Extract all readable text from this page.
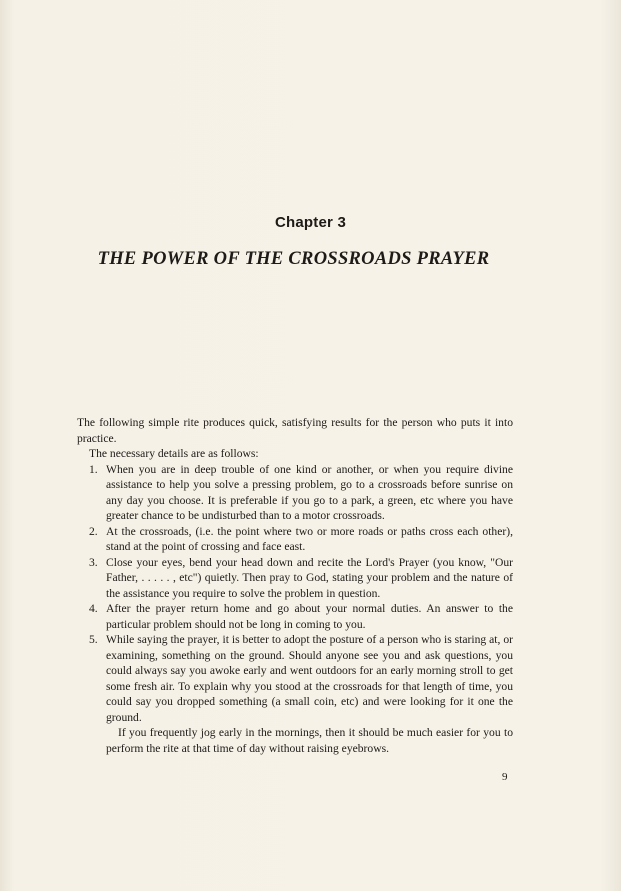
Chapter 3
THE POWER OF THE CROSSROADS PRAYER

The following simple rite produces quick, satisfying results for the person who puts it into practice.

The necessary details are as follows:

1. When you are in deep trouble of one kind or another, or when you require divine assistance to help you solve a pressing problem, go to a crossroads before sunrise on any day you choose. It is preferable if you go to a park, a green, etc where you have greater chance to be undisturbed than to a motor crossroads.
2. At the crossroads, (i.e. the point where two or more roads or paths cross each other), stand at the point of crossing and face east.
3. Close your eyes, bend your head down and recite the Lord's Prayer (you know, "Our Father, . . . . . , etc") quietly. Then pray to God, stating your problem and the nature of the assistance you require to solve the problem in question.
4. After the prayer return home and go about your normal duties. An answer to the particular problem should not be long in coming to you.
5. While saying the prayer, it is better to adopt the posture of a person who is staring at, or examining, something on the ground. Should anyone see you and ask questions, you could always say you awoke early and went outdoors for an early morning stroll to get some fresh air. To explain why you stood at the crossroads for that length of time, you could say you dropped something (a small coin, etc) and were looking for it one the ground.

If you frequently jog early in the mornings, then it should be much easier for you to perform the rite at that time of day without raising eyebrows.

9
